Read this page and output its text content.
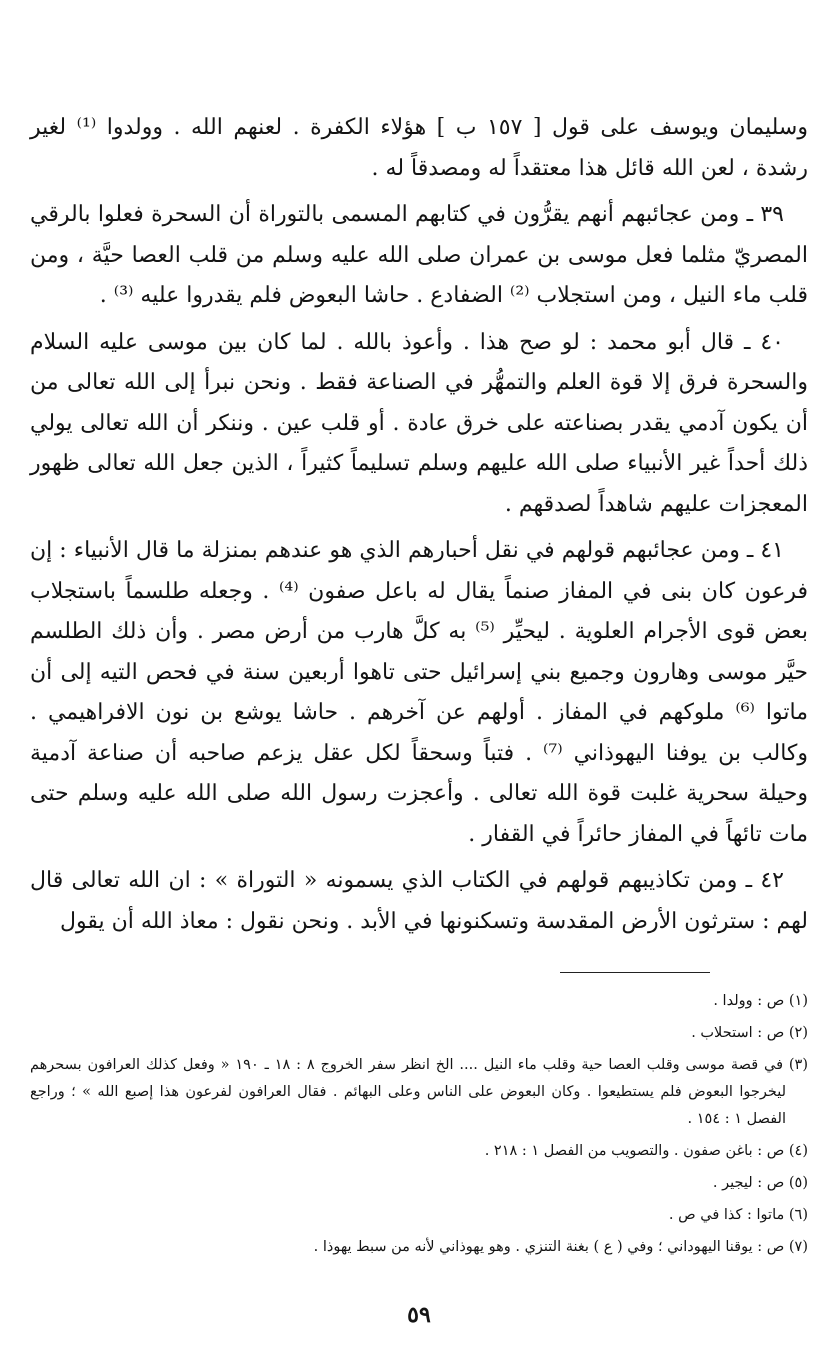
وسليمان ويوسف على قول [ ١٥٧ ب ] هؤلاء الكفرة . لعنهم الله . وولدوا ⁽¹⁾ لغير رشدة ، لعن الله قائل هذا معتقداً له ومصدقاً له .

٣٩ ـ ومن عجائبهم أنهم يقرُّون في كتابهم المسمى بالتوراة أن السحرة فعلوا بالرقي المصريّ مثلما فعل موسى بن عمران صلى الله عليه وسلم من قلب العصا حيَّة ، ومن قلب ماء النيل ، ومن استجلاب ⁽²⁾ الضفادع . حاشا البعوض فلم يقدروا عليه ⁽³⁾ .

٤٠ ـ قال أبو محمد : لو صح هذا . وأعوذ بالله . لما كان بين موسى عليه السلام والسحرة فرق إلا قوة العلم والتمهُّر في الصناعة فقط . ونحن نبرأ إلى الله تعالى من أن يكون آدمي يقدر بصناعته على خرق عادة . أو قلب عين . وننكر أن الله تعالى يولي ذلك أحداً غير الأنبياء صلى الله عليهم وسلم تسليماً كثيراً ، الذين جعل الله تعالى ظهور المعجزات عليهم شاهداً لصدقهم .

٤١ ـ ومن عجائبهم قولهم في نقل أحبارهم الذي هو عندهم بمنزلة ما قال الأنبياء : إن فرعون كان بنى في المفاز صنماً يقال له باعل صفون ⁽⁴⁾ . وجعله طلسماً باستجلاب بعض قوى الأجرام العلوية . ليحيِّر ⁽⁵⁾ به كلَّ هارب من أرض مصر . وأن ذلك الطلسم حيَّر موسى وهارون وجميع بني إسرائيل حتى تاهوا أربعين سنة في فحص التيه إلى أن ماتوا ⁽⁶⁾ ملوكهم في المفاز . أولهم عن آخرهم . حاشا يوشع بن نون الافراهيمي . وكالب بن يوفنا اليهوذاني ⁽⁷⁾ . فتباً وسحقاً لكل عقل يزعم صاحبه أن صناعة آدمية وحيلة سحرية غلبت قوة الله تعالى . وأعجزت رسول الله صلى الله عليه وسلم حتى مات تائهاً في المفاز حائراً في القفار .

٤٢ ـ ومن تكاذيبهم قولهم في الكتاب الذي يسمونه « التوراة » : ان الله تعالى قال لهم : سترثون الأرض المقدسة وتسكنونها في الأبد . ونحن نقول : معاذ الله أن يقول

(١) ص : وولدا .

(٢) ص : استحلاب .

(٣) في قصة موسى وقلب العصا حية وقلب ماء النيل .... الخ انظر سفر الخروج ٨ : ١٨ ـ ١٩٠ « وفعل كذلك العرافون بسحرهم ليخرجوا البعوض فلم يستطيعوا . وكان البعوض على الناس وعلى البهائم . فقال العرافون لفرعون هذا إصبع الله » ؛ وراجع الفصل ١ : ١٥٤ .

(٤) ص : باغن صفون . والتصويب من الفصل ١ : ٢١٨ .

(٥) ص : ليجير .

(٦) ماتوا : كذا في ص .

(٧) ص : يوقنا اليهوداني ؛ وفي ( ع ) بغنة التنزي . وهو يهوذاني لأنه من سبط يهوذا .

٥٩
